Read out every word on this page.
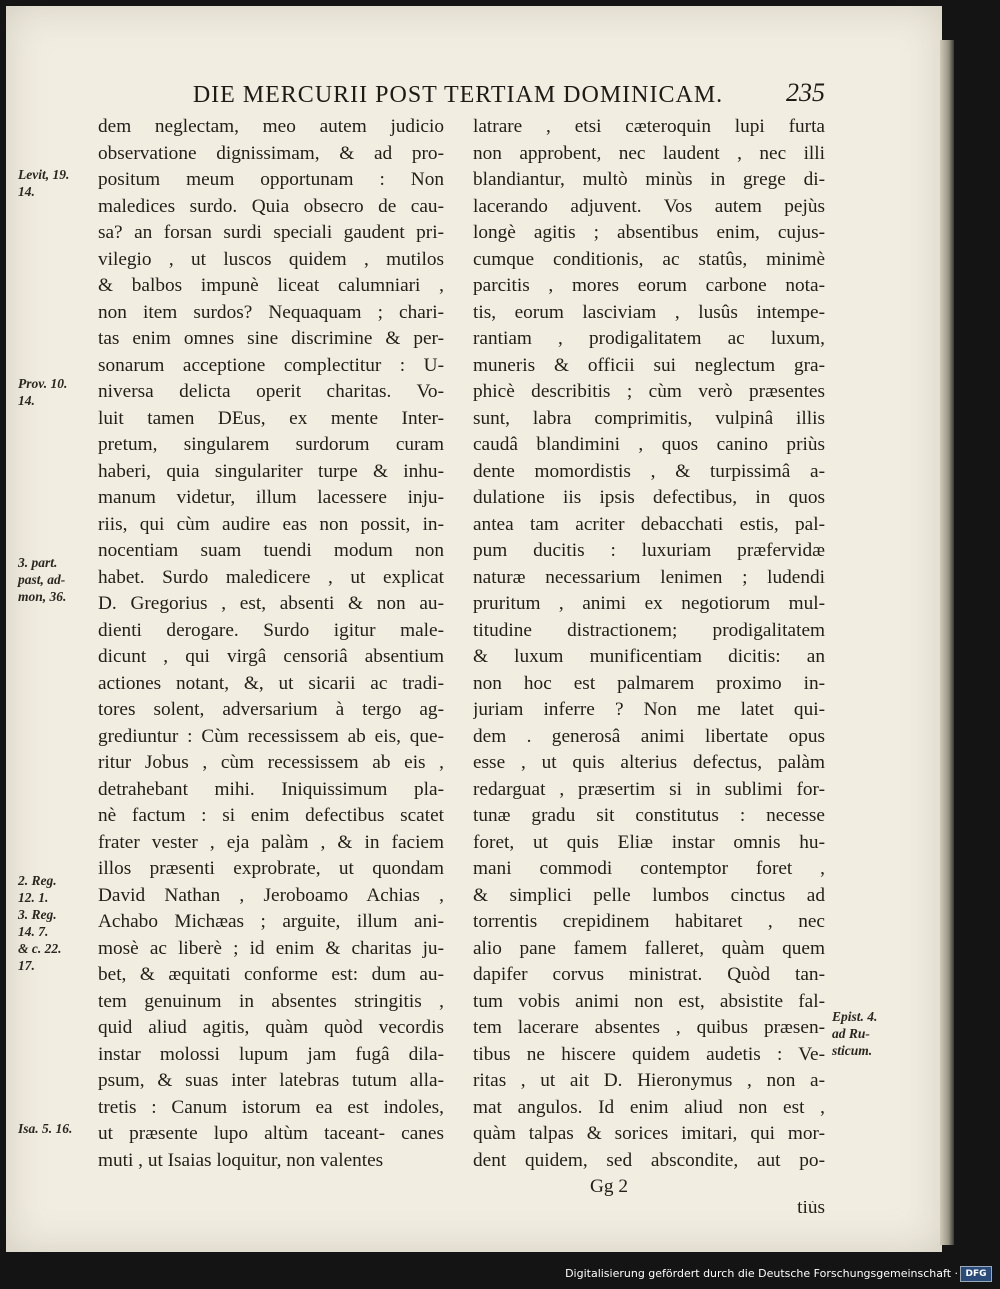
DIE MERCURII POST TERTIAM DOMINICAM.	235
dem neglectam, meo autem judicio
observatione dignissimam, & ad pro-
positum meum opportunam : Non
maledices surdo. Quia obsecro de cau-
sa? an forsan surdi speciali gaudent pri-
vilegio , ut luscos quidem , mutilos
& balbos impunè liceat calumniari ,
non item surdos? Nequaquam ; chari-
tas enim omnes sine discrimine & per-
sonarum acceptione complectitur : U-
niversa delicta operit charitas. Vo-
luit tamen DEus, ex mente Inter-
pretum, singularem surdorum curam
haberi, quia singulariter turpe & inhu-
manum videtur, illum lacessere inju-
riis, qui cùm audire eas non possit, in-
nocentiam suam tuendi modum non
habet. Surdo maledicere , ut explicat
D. Gregorius , est, absenti & non au-
dienti derogare. Surdo igitur male-
dicunt , qui virgâ censoriâ absentium
actiones notant, &, ut sicarii ac tradi-
tores solent, adversarium à tergo ag-
grediuntur : Cùm recessissem ab eis, que-
ritur Jobus , cùm recessissem ab eis ,
detrahebant mihi. Iniquissimum pla-
nè factum : si enim defectibus scatet
frater vester , eja palàm , & in faciem
illos præsenti exprobrate, ut quondam
David Nathan , Jeroboamo Achias ,
Achabo Michæas ; arguite, illum ani-
mosè ac liberè ; id enim & charitas ju-
bet, & æquitati conforme est: dum au-
tem genuinum in absentes stringitis ,
quid aliud agitis, quàm quòd vecordis
instar molossi lupum jam fugâ dila-
psum, & suas inter latebras tutum alla-
tretis : Canum istorum ea est indoles,
ut præsente lupo altùm taceant- canes
muti , ut Isaias loquitur, non valentes
latrare , etsi cæteroquin lupi furta
non approbent, nec laudent , nec illi
blandiantur, multò minùs in grege di-
lacerando adjuvent. Vos autem pejùs
longè agitis ; absentibus enim, cujus-
cumque conditionis, ac statûs, minimè
parcitis , mores eorum carbone nota-
tis, eorum lasciviam , lusûs intempe-
rantiam , prodigalitatem ac luxum,
muneris & officii sui neglectum gra-
phicè describitis ; cùm verò præsentes
sunt, labra comprimitis, vulpinâ illis
caudâ blandimini , quos canino priùs
dente momordistis , & turpissimâ a-
dulatione iis ipsis defectibus, in quos
antea tam acriter debacchati estis, pal-
pum ducitis : luxuriam præfervidæ
naturæ necessarium lenimen ; ludendi
pruritum , animi ex negotiorum mul-
titudine distractionem; prodigalitatem
& luxum munificentiam dicitis: an
non hoc est palmarem proximo in-
juriam inferre ? Non me latet qui-
dem . generosâ animi libertate opus
esse , ut quis alterius defectus, palàm
redarguat , præsertim si in sublimi for-
tunæ gradu sit constitutus : necesse
foret, ut quis Eliæ instar omnis hu-
mani commodi contemptor foret ,
& simplici pelle lumbos cinctus ad
torrentis crepidinem habitaret , nec
alio pane famem falleret, quàm quem
dapifer corvus ministrat. Quòd tan-
tum vobis animi non est, absistite fal-
tem lacerare absentes , quibus præsen-
tibus ne hiscere quidem audetis : Ve-
ritas , ut ait D. Hieronymus , non a-
mat angulos. Id enim aliud non est ,
quàm talpas & sorices imitari, qui mor-
dent quidem, sed abscondite, aut po-
Gg 2
tiùs
Levit, 19.
14.
Prov. 10.
14.
3. part.
past, ad-
mon, 36.
2. Reg.
12. 1.
3. Reg.
14. 7.
& c. 22.
17.
Isa. 5. 16.
Epist. 4.
ad Ru-
sticum.
Digitalisierung gefördert durch die Deutsche Forschungsgemeinschaft · DFG
